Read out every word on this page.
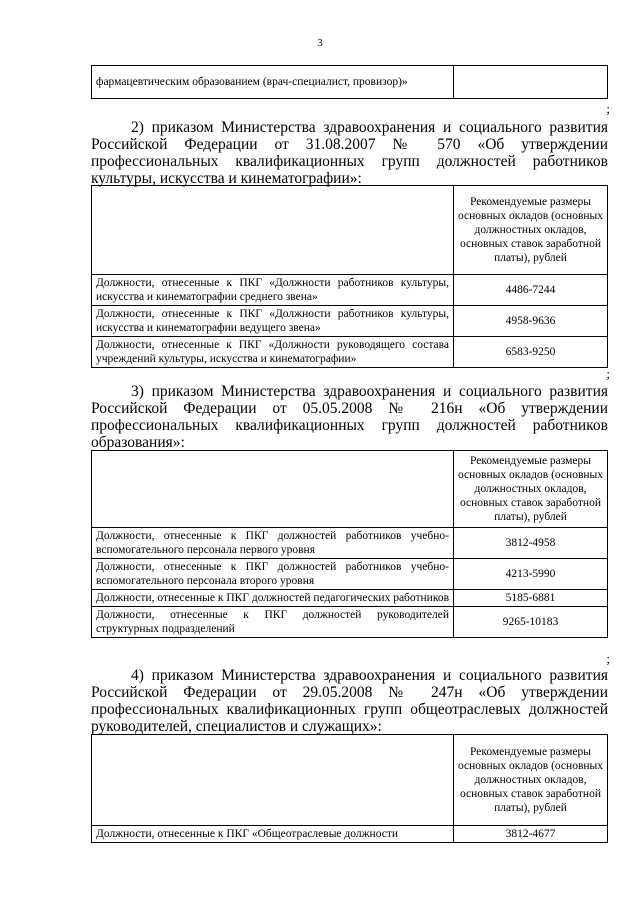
3
фармацевтическим образованием (врач-специалист, провизор)»	
;
2) приказом Министерства здравоохранения и социального развития
Российской Федерации от 31.08.2007 № 570 «Об утверждении
профессиональных квалификационных групп должностей работников
культуры, искусства и кинематографии»:
	Рекомендуемые размеры основных окладов (основных должностных окладов, основных ставок заработной платы), рублей
Должности, отнесенные к ПКГ «Должности работников культуры, искусства и кинематографии среднего звена»	4486-7244
Должности, отнесенные к ПКГ «Должности работников культуры, искусства и кинематографии ведущего звена»	4958-9636
Должности, отнесенные к ПКГ «Должности руководящего состава учреждений культуры, искусства и кинематографии»	6583-9250
;
3) приказом Министерства здравоохранения и социального развития
Российской Федерации от 05.05.2008 № 216н «Об утверждении
профессиональных квалификационных групп должностей работников
образования»:
	Рекомендуемые размеры основных окладов (основных должностных окладов, основных ставок заработной платы), рублей
Должности, отнесенные к ПКГ должностей работников учебно-вспомогательного персонала первого уровня	3812-4958
Должности, отнесенные к ПКГ должностей работников учебно-вспомогательного персонала второго уровня	4213-5990
Должности, отнесенные к ПКГ должностей педагогических работников	5185-6881
Должности, отнесенные к ПКГ должностей руководителей структурных подразделений	9265-10183
;
4) приказом Министерства здравоохранения и социального развития
Российской Федерации от 29.05.2008 № 247н «Об утверждении
профессиональных квалификационных групп общеотраслевых должностей
руководителей, специалистов и служащих»:
	Рекомендуемые размеры основных окладов (основных должностных окладов, основных ставок заработной платы), рублей
Должности, отнесенные к ПКГ «Общеотраслевые должности	3812-4677
